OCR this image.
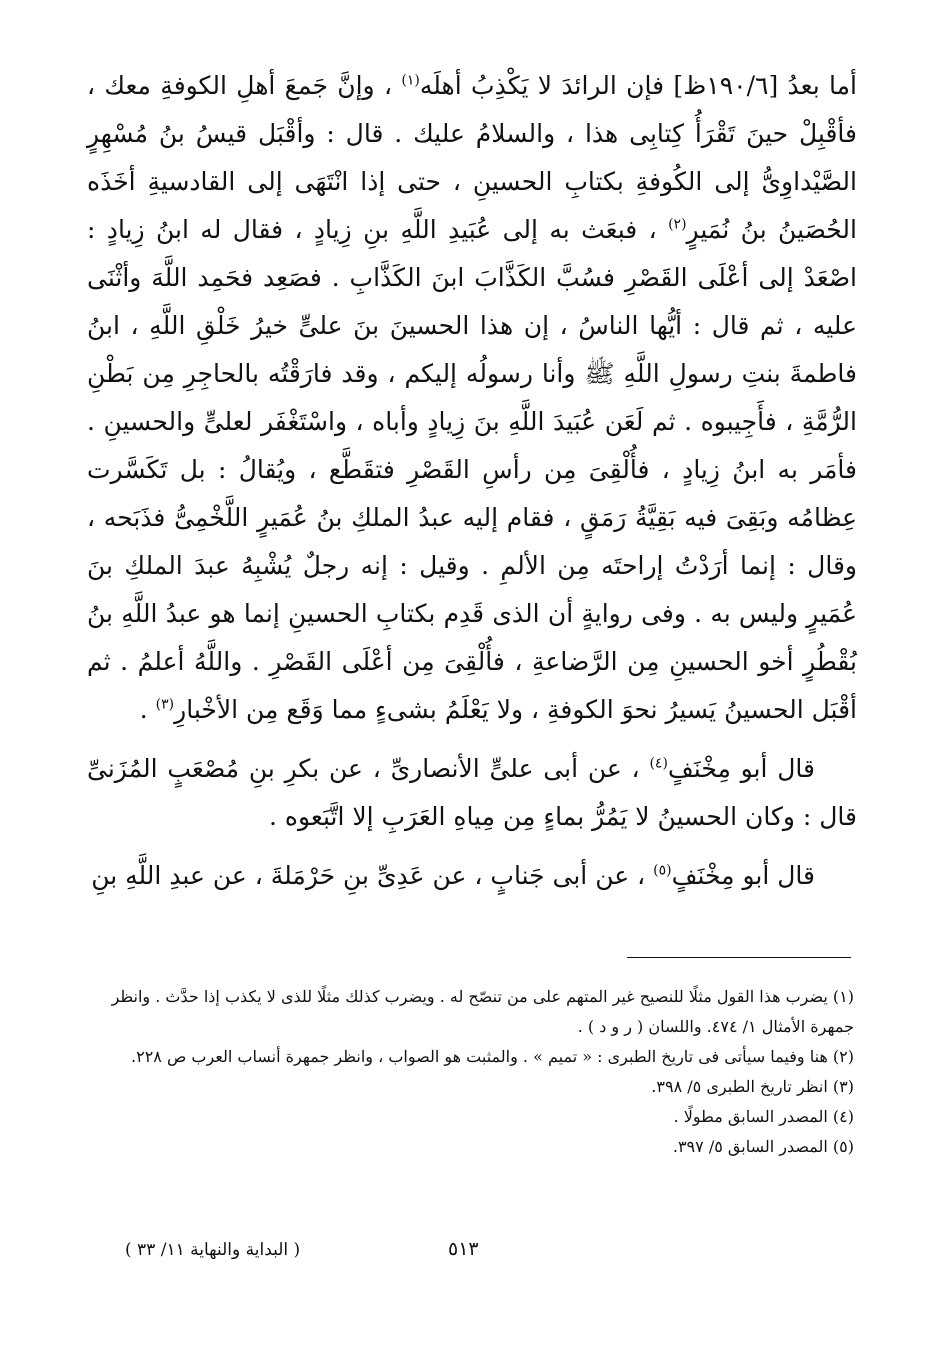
أما بعدُ [١٩٠/٦ظ] فإن الرائدَ لا يَكْذِبُ أهلَه$^{(١)}$ ، وإنَّ جَمعَ أهلِ الكوفةِ معك ، فأقْبِلْ حينَ تَقْرَأُ كِتابِى هذا ، والسلامُ عليك . قال : وأقْبَل قيسُ بنُ مُسْهِرٍ الصَّيْداوِىُّ إلى الكُوفةِ بكتابِ الحسينِ ، حتى إذا انْتَهَى إلى القادسيةِ أخَذَه الحُصَينُ بنُ نُمَيرٍ$^{(٢)}$ ، فبعَث به إلى عُبَيدِ اللَّهِ بنِ زِيادٍ ، فقال له ابنُ زِيادٍ : اصْعَدْ إلى أعْلَى القَصْرِ فسُبَّ الكَذَّابَ ابنَ الكَذَّابِ . فصَعِد فحَمِد اللَّهَ وأثْنَى عليه ، ثم قال : أيُّها الناسُ ، إن هذا الحسينَ بنَ علىٍّ خيرُ خَلْقِ اللَّهِ ، ابنُ فاطمةَ بنتِ رسولِ اللَّهِ ﷺ وأنا رسولُه إليكم ، وقد فارَقْتُه بالحاجِرِ مِن بَطْنِ الرُّمَّةِ ، فأَجِيبوه . ثم لَعَن عُبَيدَ اللَّهِ بنَ زِيادٍ وأباه ، واسْتَغْفَر لعلىٍّ والحسينِ . فأمَر به ابنُ زِيادٍ ، فأُلْقِىَ مِن رأسِ القَصْرِ فتقَطَّع ، ويُقالُ : بل تَكَسَّرت عِظامُه وبَقِىَ فيه بَقِيَّةُ رَمَقٍ ، فقام إليه عبدُ الملكِ بنُ عُمَيرٍ اللَّخْمِىُّ فذَبَحه ، وقال : إنما أرَدْتُ إراحتَه مِن الألمِ . وقيل : إنه رجلٌ يُشْبِهُ عبدَ الملكِ بنَ عُمَيرٍ وليس به . وفى روايةٍ أن الذى قَدِم بكتابِ الحسينِ إنما هو عبدُ اللَّهِ بنُ بُقْطُرٍ أخو الحسينِ مِن الرَّضاعةِ ، فأُلْقِىَ مِن أعْلَى القَصْرِ . واللَّهُ أعلمُ . ثم أقْبَل الحسينُ يَسيرُ نحوَ الكوفةِ ، ولا يَعْلَمُ بشىءٍ مما وَقَع مِن الأخْبارِ$^{(٣)}$ .

قال أبو مِخْنَفٍ$^{(٤)}$ ، عن أبى علىٍّ الأنصارىِّ ، عن بكرِ بنِ مُصْعَبٍ المُزَنىِّ قال : وكان الحسينُ لا يَمُرُّ بماءٍ مِن مِياهِ العَرَبِ إلا اتَّبَعوه .

قال أبو مِخْنَفٍ$^{(٥)}$ ، عن أبى جَنابٍ ، عن عَدِىِّ بنِ حَرْمَلةَ ، عن عبدِ اللَّهِ بنِ

(١) يضرب هذا القول مثلًا للنصيح غير المتهم على من تنصّح له . ويضرب كذلك مثلًا للذى لا يكذب إذا حدَّث . وانظر جمهرة الأمثال ١/ ٤٧٤. واللسان ( ر و د ) .

(٢) هنا وفيما سيأتى فى تاريخ الطبرى : « تميم » . والمثبت هو الصواب ، وانظر جمهرة أنساب العرب ص ٢٢٨.

(٣) انظر تاريخ الطبرى ٥/ ٣٩٨.

(٤) المصدر السابق مطولًا .

(٥) المصدر السابق ٥/ ٣٩٧.

٥١٣
( البداية والنهاية ١١/ ٣٣ )
